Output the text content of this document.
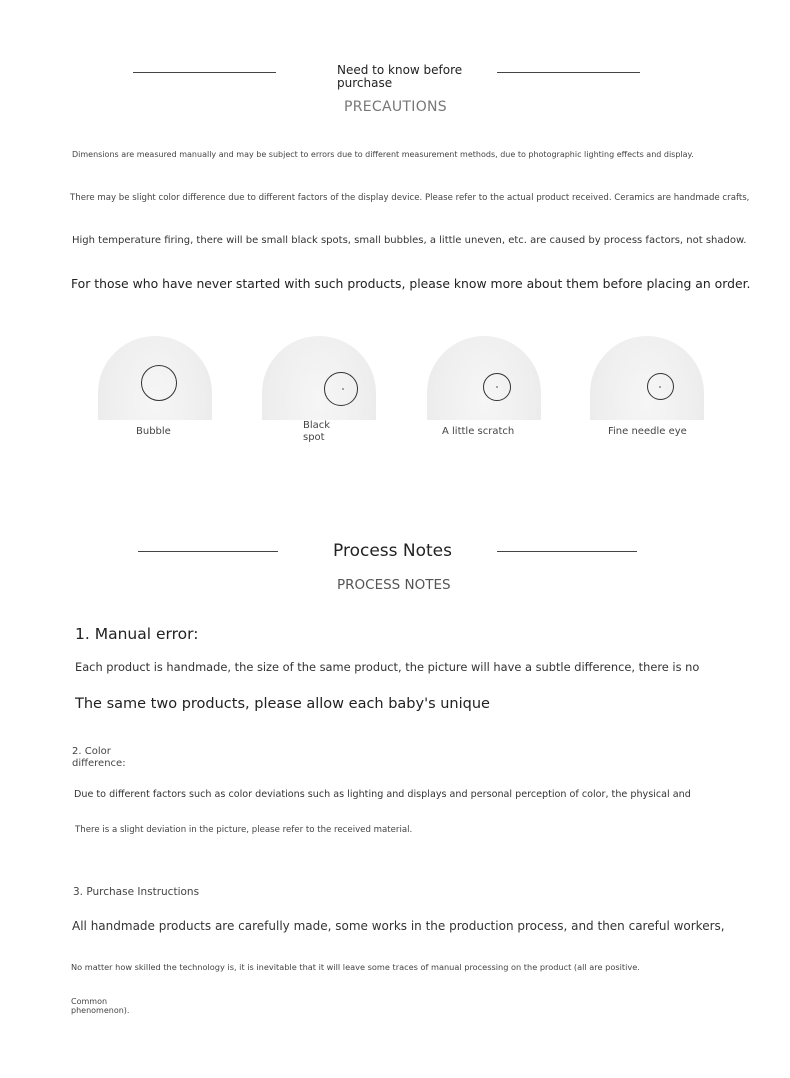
Need to know before
purchase
PRECAUTIONS
Dimensions are measured manually and may be subject to errors due to different measurement methods, due to photographic lighting effects and display.
There may be slight color difference due to different factors of the display device. Please refer to the actual product received. Ceramics are handmade crafts,
High temperature firing, there will be small black spots, small bubbles, a little uneven, etc. are caused by process factors, not shadow.
For those who have never started with such products, please know more about them before placing an order.
Bubble
Black
spot
A little scratch	Fine needle eye
Process Notes
PROCESS NOTES
1. Manual error:
Each product is handmade, the size of the same product, the picture will have a subtle difference, there is no
The same two products, please allow each baby's unique
2. Color
difference:
Due to different factors such as color deviations such as lighting and displays and personal perception of color, the physical and
There is a slight deviation in the picture, please refer to the received material.
3. Purchase Instructions
All handmade products are carefully made, some works in the production process, and then careful workers,
No matter how skilled the technology is, it is inevitable that it will leave some traces of manual processing on the product (all are positive.
Common
phenomenon).
